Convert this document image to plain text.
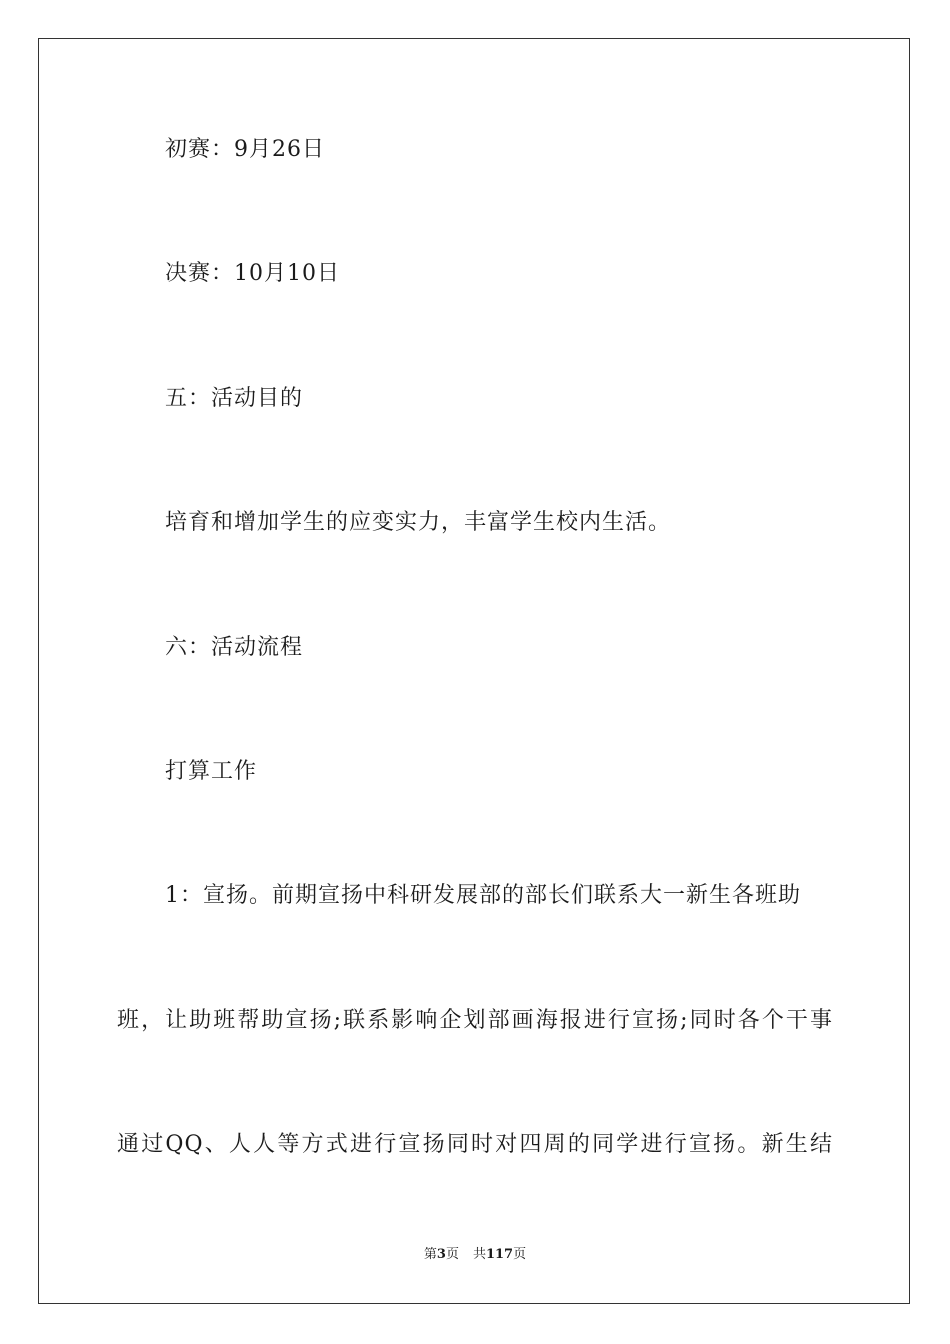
初赛：9月26日
决赛：10月10日
五：活动目的
培育和增加学生的应变实力，丰富学生校内生活。
六：活动流程
打算工作
1：宣扬。前期宣扬中科研发展部的部长们联系大一新生各班助
班，让助班帮助宣扬;联系影响企划部画海报进行宣扬;同时各个干事
通过QQ、人人等方式进行宣扬同时对四周的同学进行宣扬。新生结
第3页 共117页
